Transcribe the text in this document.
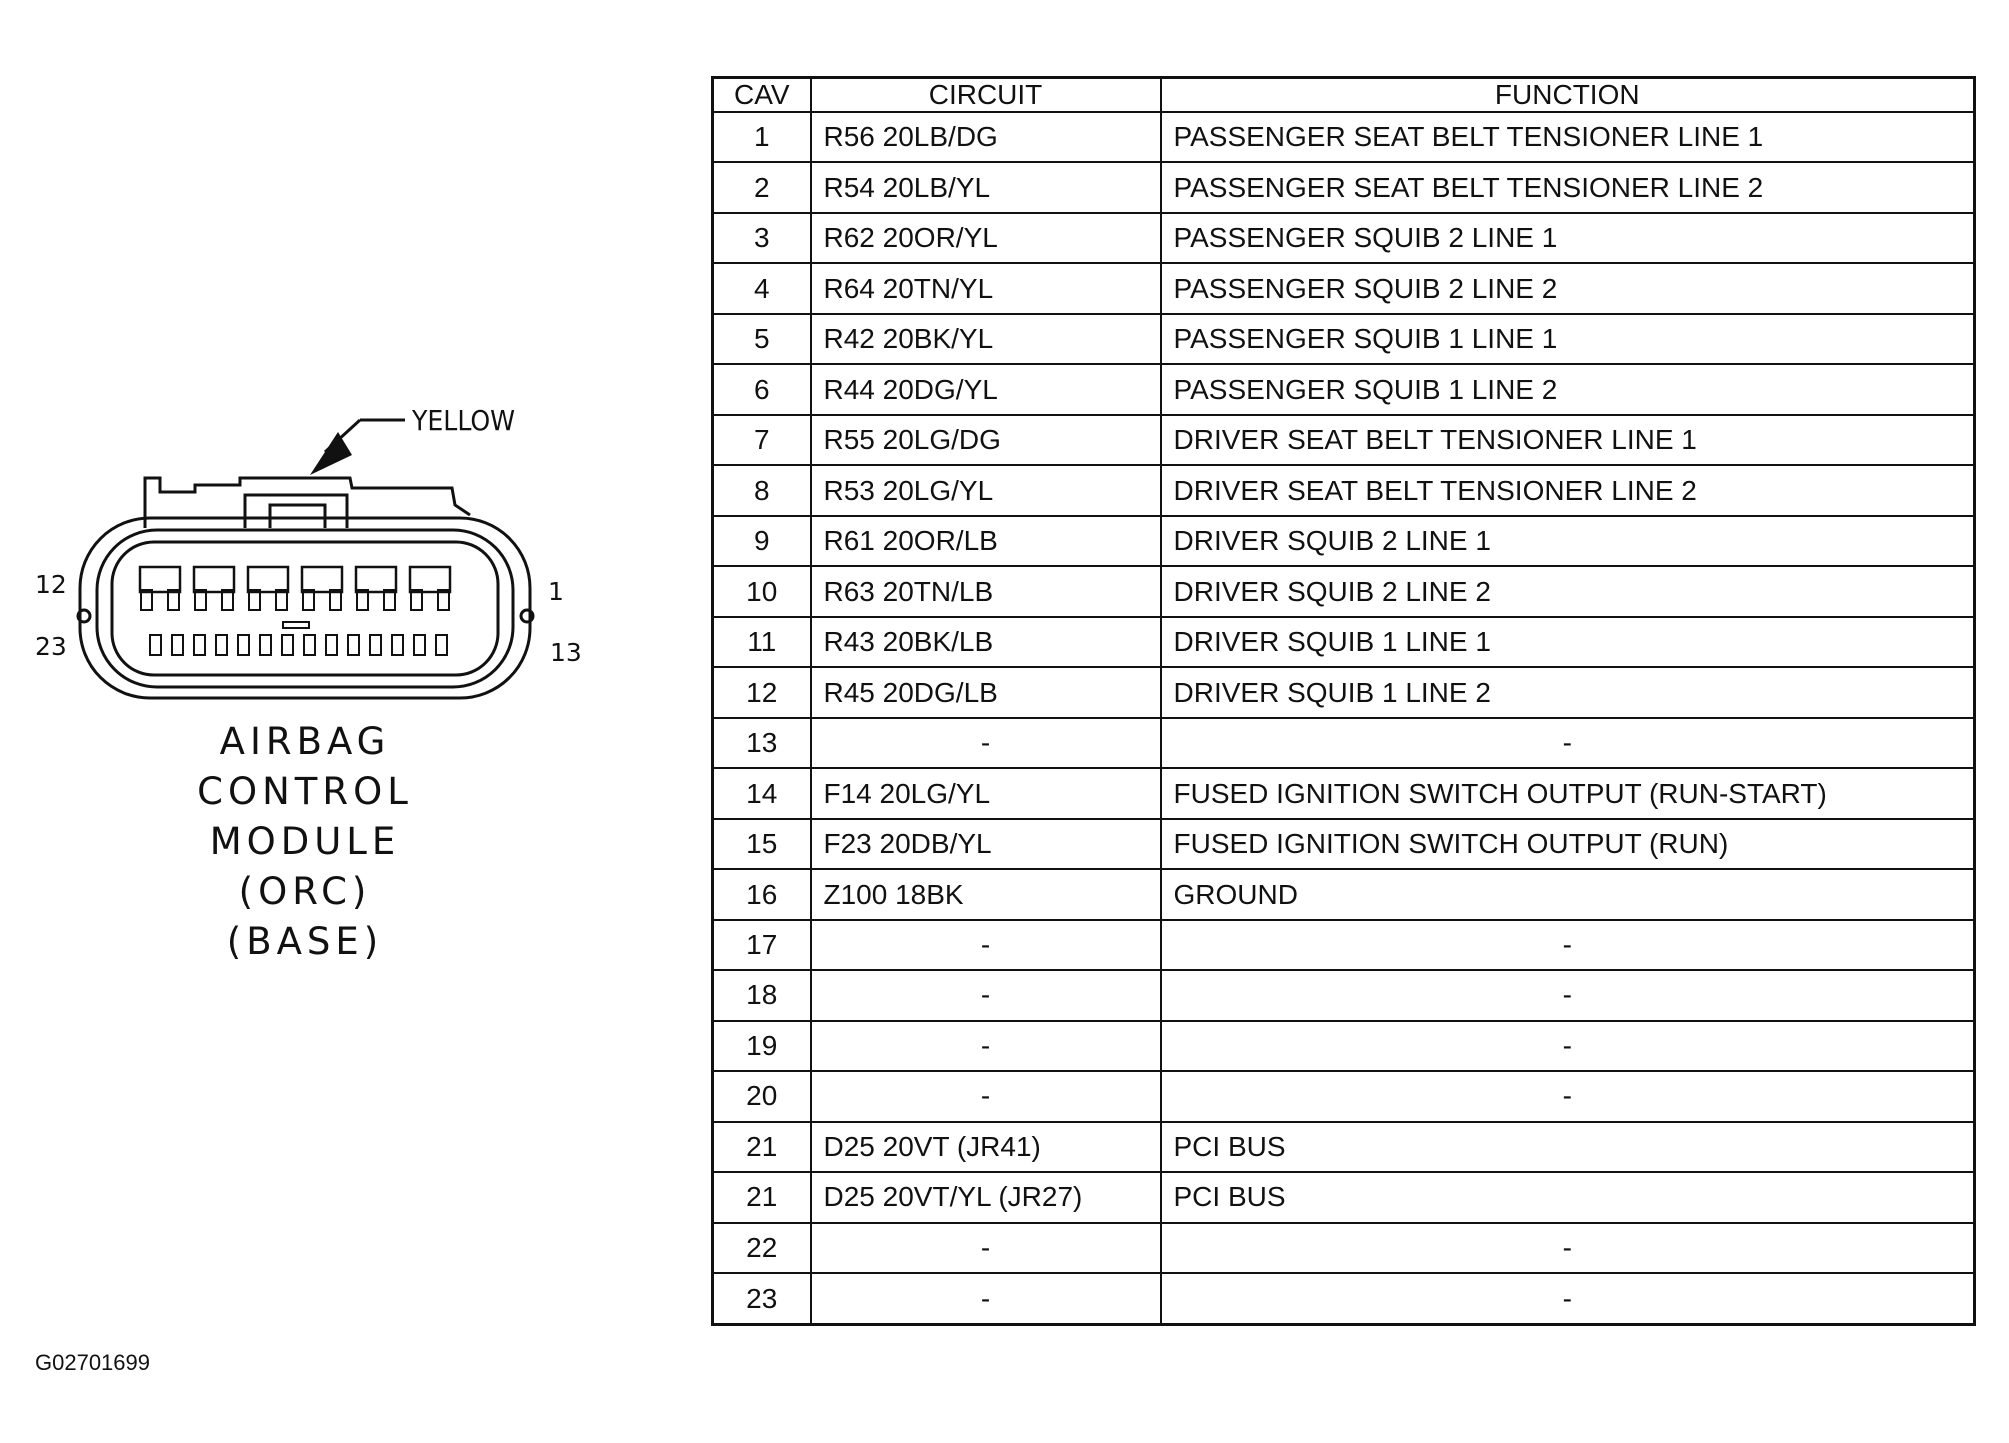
12
23
1
13
YELLOW
AIRBAG
CONTROL
MODULE
(ORC)
(BASE)
G02701699
CAV	CIRCUIT	FUNCTION
1	R56 20LB/DG	PASSENGER SEAT BELT TENSIONER LINE 1
2	R54 20LB/YL	PASSENGER SEAT BELT TENSIONER LINE 2
3	R62 20OR/YL	PASSENGER SQUIB 2 LINE 1
4	R64 20TN/YL	PASSENGER SQUIB 2 LINE 2
5	R42 20BK/YL	PASSENGER SQUIB 1 LINE 1
6	R44 20DG/YL	PASSENGER SQUIB 1 LINE 2
7	R55 20LG/DG	DRIVER SEAT BELT TENSIONER LINE 1
8	R53 20LG/YL	DRIVER SEAT BELT TENSIONER LINE 2
9	R61 20OR/LB	DRIVER SQUIB 2 LINE 1
10	R63 20TN/LB	DRIVER SQUIB 2 LINE 2
11	R43 20BK/LB	DRIVER SQUIB 1 LINE 1
12	R45 20DG/LB	DRIVER SQUIB 1 LINE 2
13	-	-
14	F14 20LG/YL	FUSED IGNITION SWITCH OUTPUT (RUN-START)
15	F23 20DB/YL	FUSED IGNITION SWITCH OUTPUT (RUN)
16	Z100 18BK	GROUND
17	-	-
18	-	-
19	-	-
20	-	-
21	D25 20VT (JR41)	PCI BUS
21	D25 20VT/YL (JR27)	PCI BUS
22	-	-
23	-	-
